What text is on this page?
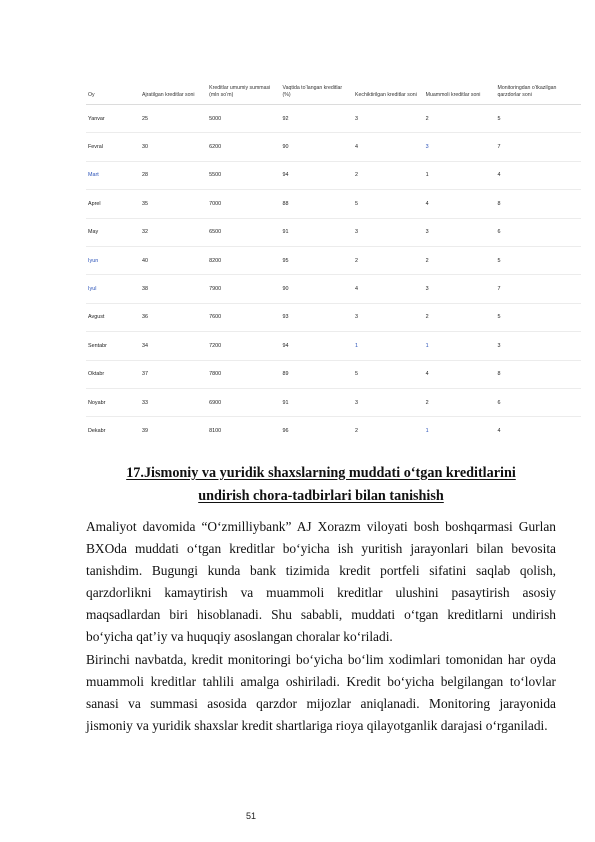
Oy	Ajratilgan kreditlar soni	Kreditlar umumiy summasi (mln so‘m)	Vaqtida to‘langan kreditlar (%)	Kechiktirilgan kreditlar soni	Muammoli kreditlar soni	Monitoringdan o‘tkazilgan qarzdorlar soni
Yanvar	25	5000	92	3	2	5
Fevral	30	6200	90	4	3	7
Mart	28	5500	94	2	1	4
Aprel	35	7000	88	5	4	8
May	32	6500	91	3	3	6
Iyun	40	8200	95	2	2	5
Iyul	38	7900	90	4	3	7
Avgust	36	7600	93	3	2	5
Sentabr	34	7200	94	1	1	3
Oktabr	37	7800	89	5	4	8
Noyabr	33	6900	91	3	2	6
Dekabr	39	8100	96	2	1	4
17.Jismoniy va yuridik shaxslarning muddati o‘tgan kreditlarini
undirish chora-tadbirlari bilan tanishish

Amaliyot davomida “O‘zmilliybank” AJ Xorazm viloyati bosh boshqarmasi Gurlan BXOda muddati o‘tgan kreditlar bo‘yicha ish yuritish jarayonlari bilan bevosita tanishdim. Bugungi kunda bank tizimida kredit portfeli sifatini saqlab qolish, qarzdorlikni kamaytirish va muammoli kreditlar ulushini pasaytirish asosiy maqsadlardan biri hisoblanadi. Shu sababli, muddati o‘tgan kreditlarni undirish bo‘yicha qat’iy va huquqiy asoslangan choralar ko‘riladi.

Birinchi navbatda, kredit monitoringi bo‘yicha bo‘lim xodimlari tomonidan har oyda muammoli kreditlar tahlili amalga oshiriladi. Kredit bo‘yicha belgilangan to‘lovlar sanasi va summasi asosida qarzdor mijozlar aniqlanadi. Monitoring jarayonida jismoniy va yuridik shaxslar kredit shartlariga rioya qilayotganlik darajasi o‘rganiladi.

51
